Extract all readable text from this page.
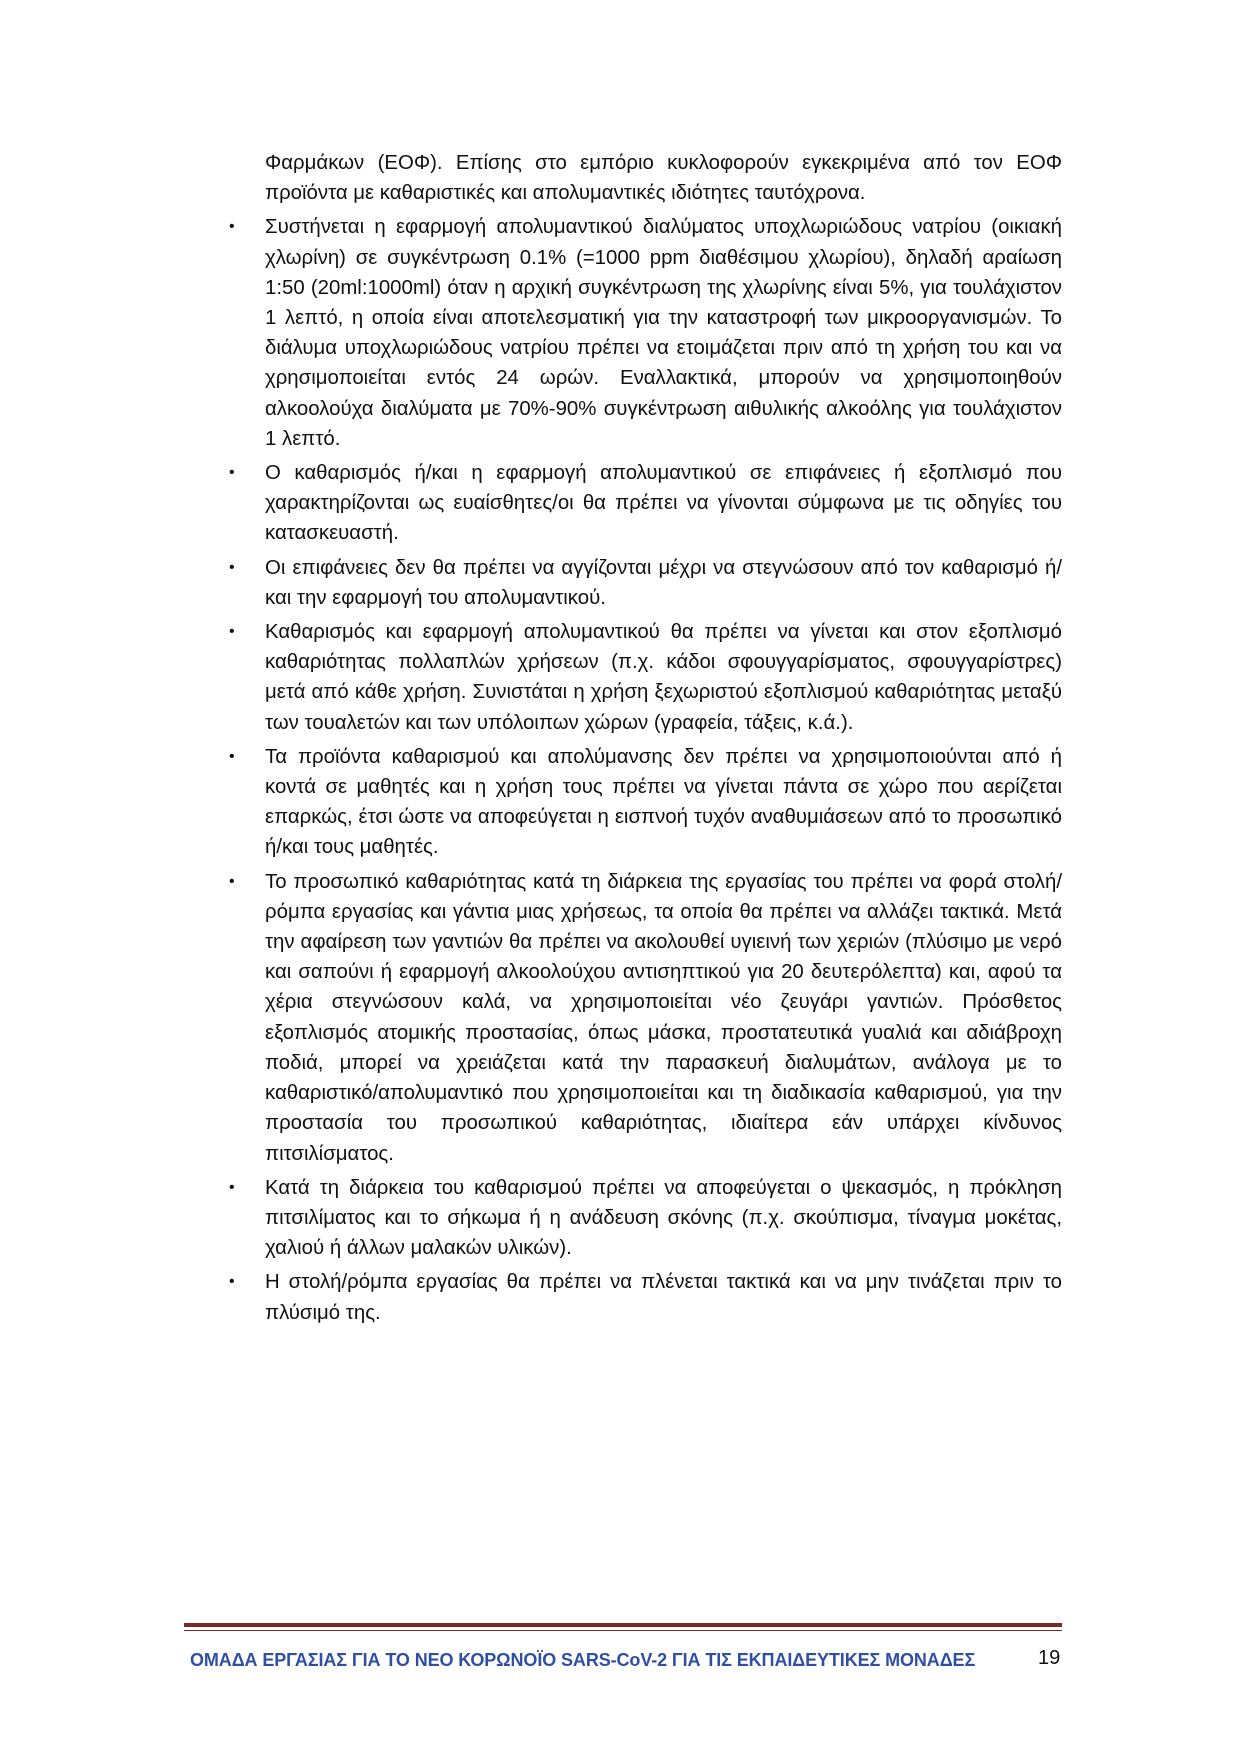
Φαρμάκων (ΕΟΦ). Επίσης στο εμπόριο κυκλοφορούν εγκεκριμένα από τον ΕΟΦ προϊόντα με καθαριστικές και απολυμαντικές ιδιότητες ταυτόχρονα.

• Συστήνεται η εφαρμογή απολυμαντικού διαλύματος υποχλωριώδους νατρίου (οικιακή χλωρίνη) σε συγκέντρωση 0.1% (=1000 ppm διαθέσιμου χλωρίου), δηλαδή αραίωση 1:50 (20ml:1000ml) όταν η αρχική συγκέντρωση της χλωρίνης είναι 5%, για τουλάχιστον 1 λεπτό, η οποία είναι αποτελεσματική για την καταστροφή των μικροοργανισμών. Το διάλυμα υποχλωριώδους νατρίου πρέπει να ετοιμάζεται πριν από τη χρήση του και να χρησιμοποιείται εντός 24 ωρών. Εναλλακτικά, μπορούν να χρησιμοποιηθούν αλκοολούχα διαλύματα με 70%-90% συγκέντρωση αιθυλικής αλκοόλης για τουλάχιστον 1 λεπτό.
• Ο καθαρισμός ή/και η εφαρμογή απολυμαντικού σε επιφάνειες ή εξοπλισμό που χαρακτηρίζονται ως ευαίσθητες/οι θα πρέπει να γίνονται σύμφωνα με τις οδηγίες του κατασκευαστή.
• Οι επιφάνειες δεν θα πρέπει να αγγίζονται μέχρι να στεγνώσουν από τον καθαρισμό ή/και την εφαρμογή του απολυμαντικού.
• Καθαρισμός και εφαρμογή απολυμαντικού θα πρέπει να γίνεται και στον εξοπλισμό καθαριότητας πολλαπλών χρήσεων (π.χ. κάδοι σφουγγαρίσματος, σφουγγαρίστρες) μετά από κάθε χρήση. Συνιστάται η χρήση ξεχωριστού εξοπλισμού καθαριότητας μεταξύ των τουαλετών και των υπόλοιπων χώρων (γραφεία, τάξεις, κ.ά.).
• Τα προϊόντα καθαρισμού και απολύμανσης δεν πρέπει να χρησιμοποιούνται από ή κοντά σε μαθητές και η χρήση τους πρέπει να γίνεται πάντα σε χώρο που αερίζεται επαρκώς, έτσι ώστε να αποφεύγεται η εισπνοή τυχόν αναθυμιάσεων από το προσωπικό ή/και τους μαθητές.
• Το προσωπικό καθαριότητας κατά τη διάρκεια της εργασίας του πρέπει να φορά στολή/ρόμπα εργασίας και γάντια μιας χρήσεως, τα οποία θα πρέπει να αλλάζει τακτικά. Μετά την αφαίρεση των γαντιών θα πρέπει να ακολουθεί υγιεινή των χεριών (πλύσιμο με νερό και σαπούνι ή εφαρμογή αλκοολούχου αντισηπτικού για 20 δευτερόλεπτα) και, αφού τα χέρια στεγνώσουν καλά, να χρησιμοποιείται νέο ζευγάρι γαντιών. Πρόσθετος εξοπλισμός ατομικής προστασίας, όπως μάσκα, προστατευτικά γυαλιά και αδιάβροχη ποδιά, μπορεί να χρειάζεται κατά την παρασκευή διαλυμάτων, ανάλογα με το καθαριστικό/απολυμαντικό που χρησιμοποιείται και τη διαδικασία καθαρισμού, για την προστασία του προσωπικού καθαριότητας, ιδιαίτερα εάν υπάρχει κίνδυνος πιτσιλίσματος.
• Κατά τη διάρκεια του καθαρισμού πρέπει να αποφεύγεται ο ψεκασμός, η πρόκληση πιτσιλίματος και το σήκωμα ή η ανάδευση σκόνης (π.χ. σκούπισμα, τίναγμα μοκέτας, χαλιού ή άλλων μαλακών υλικών).
• Η στολή/ρόμπα εργασίας θα πρέπει να πλένεται τακτικά και να μην τινάζεται πριν το πλύσιμό της.
ΟΜΑΔΑ ΕΡΓΑΣΙΑΣ ΓΙΑ ΤΟ ΝΕΟ ΚΟΡΩΝΟΪΟ SARS-CoV-2 ΓΙΑ ΤΙΣ ΕΚΠΑΙΔΕΥΤΙΚΕΣ ΜΟΝΑΔΕΣ	19
